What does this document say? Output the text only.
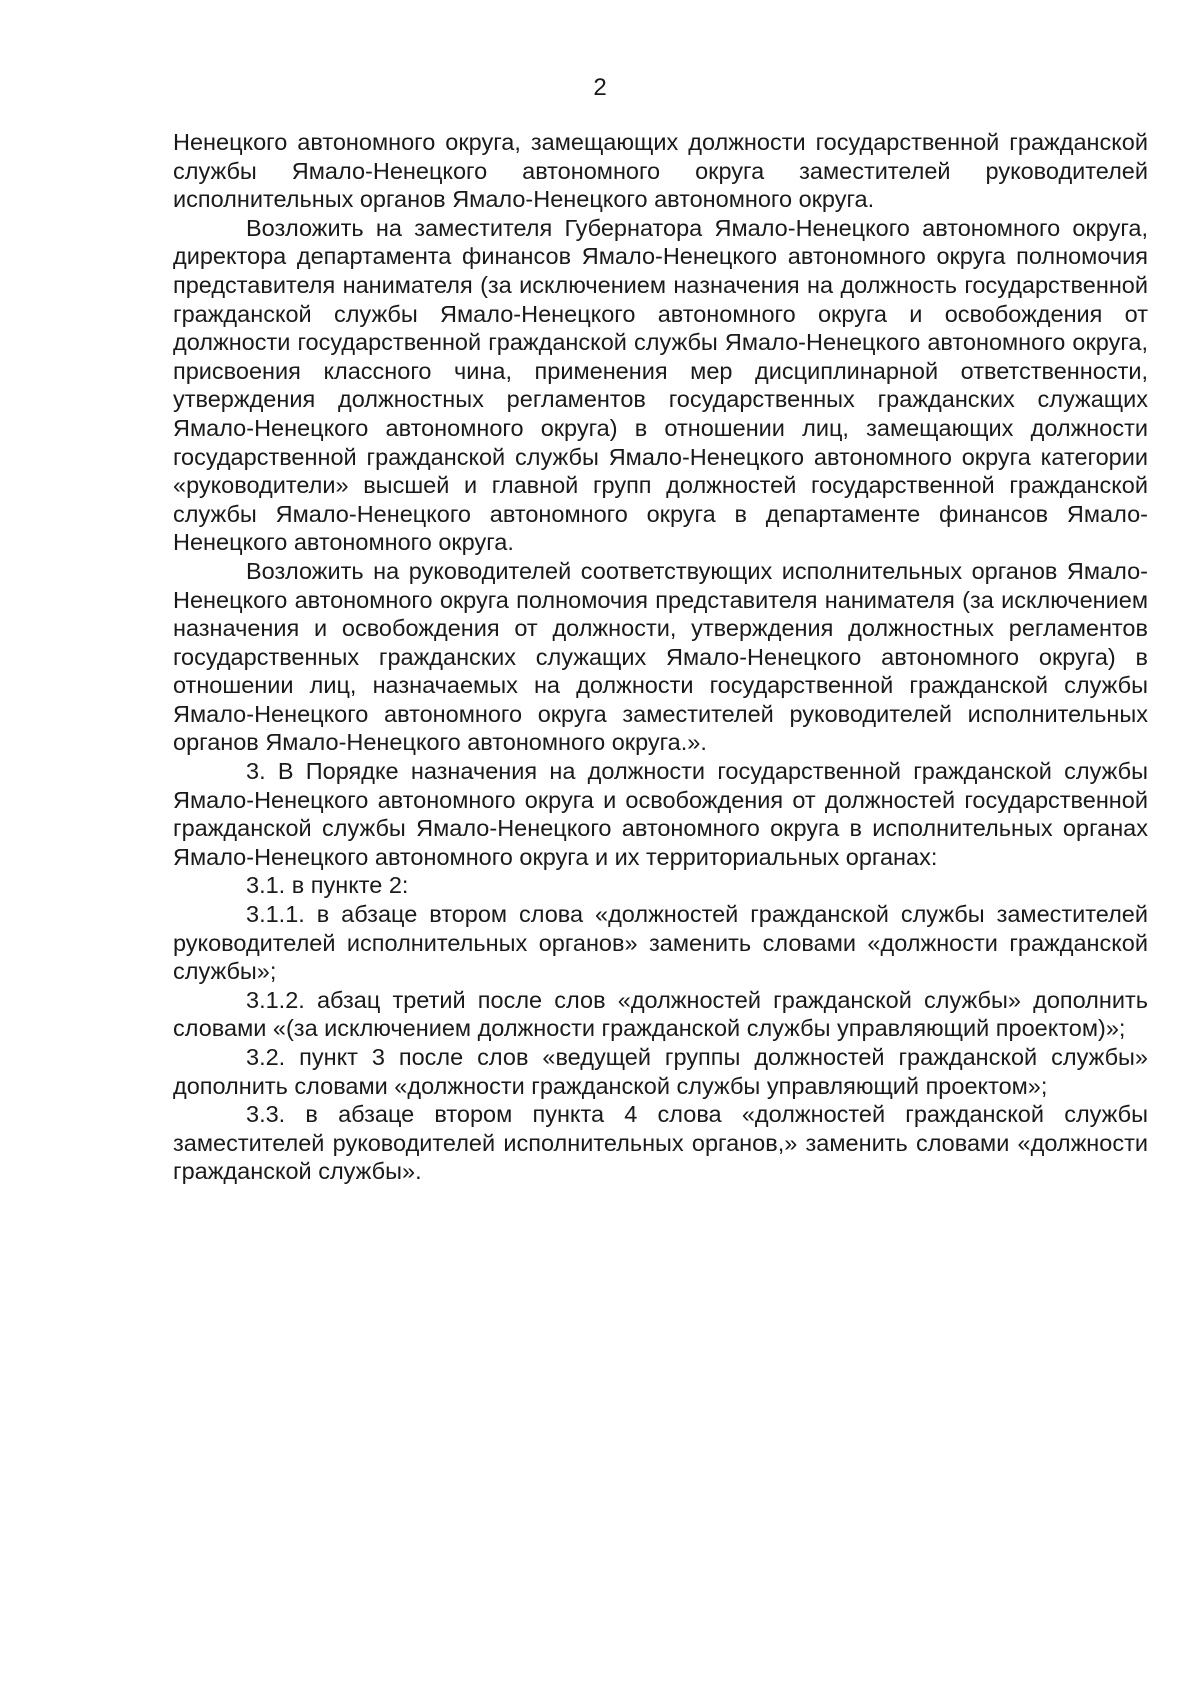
2

Ненецкого автономного округа, замещающих должности государственной гражданской службы Ямало-Ненецкого автономного округа заместителей руководителей исполнительных органов Ямало-Ненецкого автономного округа.

Возложить на заместителя Губернатора Ямало-Ненецкого автономного округа, директора департамента финансов Ямало-Ненецкого автономного округа полномочия представителя нанимателя (за исключением назначения на должность государственной гражданской службы Ямало-Ненецкого автономного округа и освобождения от должности государственной гражданской службы Ямало-Ненецкого автономного округа, присвоения классного чина, применения мер дисциплинарной ответственности, утверждения должностных регламентов государственных гражданских служащих Ямало-Ненецкого автономного округа) в отношении лиц, замещающих должности государственной гражданской службы Ямало-Ненецкого автономного округа категории «руководители» высшей и главной групп должностей государственной гражданской службы Ямало-Ненецкого автономного округа в департаменте финансов Ямало-Ненецкого автономного округа.

Возложить на руководителей соответствующих исполнительных органов Ямало-Ненецкого автономного округа полномочия представителя нанимателя (за исключением назначения и освобождения от должности, утверждения должностных регламентов государственных гражданских служащих Ямало-Ненецкого автономного округа) в отношении лиц, назначаемых на должности государственной гражданской службы Ямало-Ненецкого автономного округа заместителей руководителей исполнительных органов Ямало-Ненецкого автономного округа.».

3. В Порядке назначения на должности государственной гражданской службы Ямало-Ненецкого автономного округа и освобождения от должностей государственной гражданской службы Ямало-Ненецкого автономного округа в исполнительных органах Ямало-Ненецкого автономного округа и их территориальных органах:

3.1. в пункте 2:

3.1.1. в абзаце втором слова «должностей гражданской службы заместителей руководителей исполнительных органов» заменить словами «должности гражданской службы»;

3.1.2. абзац третий после слов «должностей гражданской службы» дополнить словами «(за исключением должности гражданской службы управляющий проектом)»;

3.2. пункт 3 после слов «ведущей группы должностей гражданской службы» дополнить словами «должности гражданской службы управляющий проектом»;

3.3. в абзаце втором пункта 4 слова «должностей гражданской службы заместителей руководителей исполнительных органов,» заменить словами «должности гражданской службы».
